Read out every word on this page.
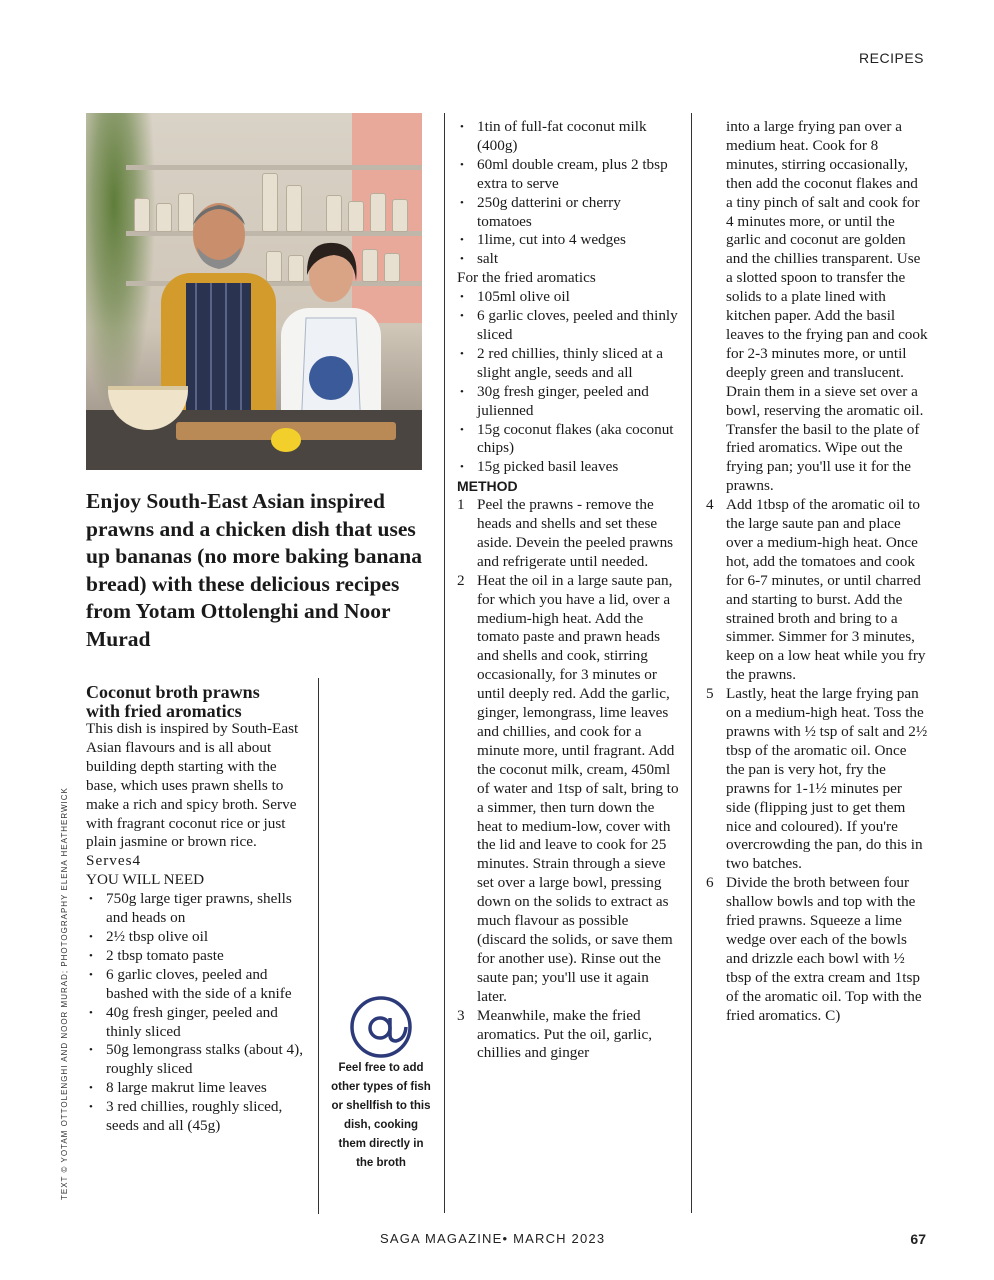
RECIPES
Enjoy South-East Asian inspired prawns and a chicken dish that uses up bananas (no more baking banana bread) with these delicious recipes from Yotam Ottolenghi and Noor Murad

Coconut broth prawns
with fried aromatics

This dish is inspired by South-East Asian flavours and is all about building depth starting with the base, which uses prawn shells to make a rich and spicy broth. Serve with fragrant coconut rice or just plain jasmine or brown rice.

Serves4

YOU WILL NEED

• 750g large tiger prawns, shells and heads on
• 2½ tbsp olive oil
• 2 tbsp tomato paste
• 6 garlic cloves, peeled and bashed with the side of a knife
• 40g fresh ginger, peeled and thinly sliced
• 50g lemongrass stalks (about 4), roughly sliced
• 8 large makrut lime leaves
• 3 red chillies, roughly sliced, seeds and all (45g)
• 1tin of full-fat coconut milk (400g)
• 60ml double cream, plus 2 tbsp extra to serve
• 250g datterini or cherry tomatoes
• 1lime, cut into 4 wedges
• salt

For the fried aromatics

• 105ml olive oil
• 6 garlic cloves, peeled and thinly sliced
• 2 red chillies, thinly sliced at a slight angle, seeds and all
• 30g fresh ginger, peeled and julienned
• 15g coconut flakes (aka coconut chips)
• 15g picked basil leaves

METHOD

1 Peel the prawns - remove the heads and shells and set these aside. Devein the peeled prawns and refrigerate until needed.
2 Heat the oil in a large saute pan, for which you have a lid, over a medium-high heat. Add the tomato paste and prawn heads and shells and cook, stirring occasionally, for 3 minutes or until deeply red. Add the garlic, ginger, lemongrass, lime leaves and chillies, and cook for a minute more, until fragrant. Add the coconut milk, cream, 450ml of water and 1tsp of salt, bring to a simmer, then turn down the heat to medium-low, cover with the lid and leave to cook for 25 minutes. Strain through a sieve set over a large bowl, pressing down on the solids to extract as much flavour as possible (discard the solids, or save them for another use). Rinse out the saute pan; you'll use it again later.
3 Meanwhile, make the fried aromatics. Put the oil, garlic, chillies and ginger

into a large frying pan over a medium heat. Cook for 8 minutes, stirring occasionally, then add the coconut flakes and a tiny pinch of salt and cook for 4 minutes more, or until the garlic and coconut are golden and the chillies transparent. Use a slotted spoon to transfer the solids to a plate lined with kitchen paper. Add the basil leaves to the frying pan and cook for 2-3 minutes more, or until deeply green and translucent. Drain them in a sieve set over a bowl, reserving the aromatic oil. Transfer the basil to the plate of fried aromatics. Wipe out the frying pan; you'll use it for the prawns.

4 Add 1tbsp of the aromatic oil to the large saute pan and place over a medium-high heat. Once hot, add the tomatoes and cook for 6-7 minutes, or until charred and starting to burst. Add the strained broth and bring to a simmer. Simmer for 3 minutes, keep on a low heat while you fry the prawns.
5 Lastly, heat the large frying pan on a medium-high heat. Toss the prawns with ½ tsp of salt and 2½ tbsp of the aromatic oil. Once the pan is very hot, fry the prawns for 1-1½ minutes per side (flipping just to get them nice and coloured). If you're overcrowding the pan, do this in two batches.
6 Divide the broth between four shallow bowls and top with the fried prawns. Squeeze a lime wedge over each of the bowls and drizzle each bowl with ½ tbsp of the extra cream and 1tsp of the aromatic oil. Top with the fried aromatics. C)
Feel free to add other types of fish or shellfish to this dish, cooking them directly in the broth
TEXT © YOTAM OTTOLENGHI AND NOOR MURAD; PHOTOGRAPHY ELENA HEATHERWICK
SAGA MAGAZINE• MARCH 2023	67
